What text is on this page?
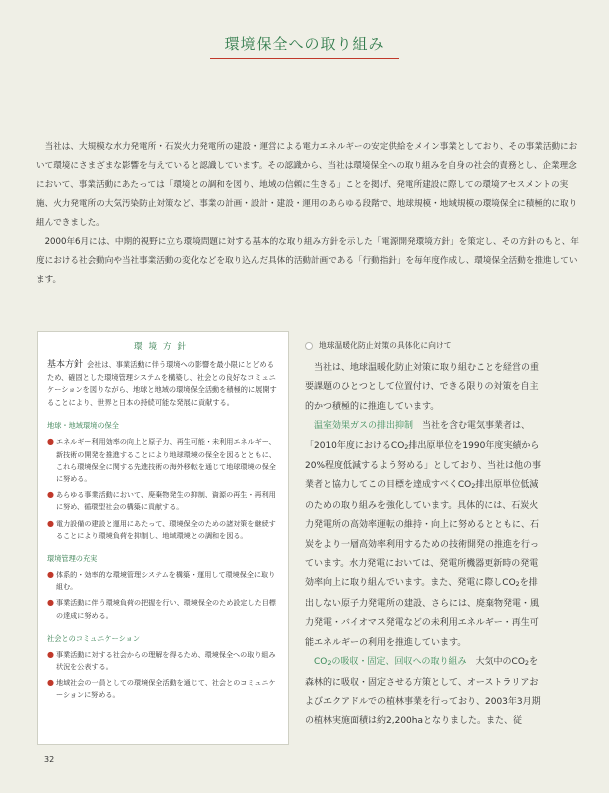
環境保全への取り組み

当社は、大規模な水力発電所・石炭火力発電所の建設・運営による電力エネルギーの安定供給をメイン事業としており、その事業活動において環境にさまざまな影響を与えていると認識しています。その認識から、当社は環境保全への取り組みを自身の社会的責務とし、企業理念において、事業活動にあたっては「環境との調和を図り、地域の信頼に生きる」ことを掲げ、発電所建設に際しての環境アセスメントの実施、火力発電所の大気汚染防止対策など、事業の計画・設計・建設・運用のあらゆる段階で、地球規模・地域規模の環境保全に積極的に取り組んできました。

2000年6月には、中期的視野に立ち環境問題に対する基本的な取り組み方針を示した「電源開発環境方針」を策定し、その方針のもと、年度における社会動向や当社事業活動の変化などを取り込んだ具体的活動計画である「行動指針」を毎年度作成し、環境保全活動を推進しています。

環境方針
基本方針 会社は、事業活動に伴う環境への影響を最小限にとどめるため、確固とした環境管理システムを構築し、社会との良好なコミュニケーションを図りながら、地球と地域の環境保全活動を積極的に展開することにより、世界と日本の持続可能な発展に貢献する。
地球・地域環境の保全
● エネルギー利用効率の向上と原子力、再生可能・未利用エネルギー、新技術の開発を推進することにより地球環境の保全を図るとともに、これら環境保全に関する先進技術の海外移転を通じて地球環境の保全に努める。
● あらゆる事業活動において、廃棄物発生の抑制、資源の再生・再利用に努め、循環型社会の構築に貢献する。
● 電力設備の建設と運用にあたって、環境保全のための諸対策を継続することにより環境負荷を抑制し、地域環境との調和を図る。
環境管理の充実
● 体系的・効率的な環境管理システムを構築・運用して環境保全に取り組む。
● 事業活動に伴う環境負荷の把握を行い、環境保全のため設定した目標の達成に努める。
社会とのコミュニケーション
● 事業活動に対する社会からの理解を得るため、環境保全への取り組み状況を公表する。
● 地域社会の一員としての環境保全活動を通じて、社会とのコミュニケーションに努める。
地球温暖化防止対策の具体化に向けて

当社は、地球温暖化防止対策に取り組むことを経営の重要課題のひとつとして位置付け、できる限りの対策を自主的かつ積極的に推進しています。

温室効果ガスの排出抑制　 当社を含む電気事業者は、「2010年度におけるCO2排出原単位を1990年度実績から20%程度低減するよう努める」としており、当社は他の事業者と協力してこの目標を達成すべくCO2排出原単位低減のための取り組みを強化しています。具体的には、石炭火力発電所の高効率運転の維持・向上に努めるとともに、石炭をより一層高効率利用するための技術開発の推進を行っています。水力発電においては、発電所機器更新時の発電効率向上に取り組んでいます。また、発電に際しCO2を排出しない原子力発電所の建設、さらには、廃棄物発電・風力発電・バイオマス発電などの未利用エネルギー・再生可能エネルギーの利用を推進しています。

CO2の吸収・固定、回収への取り組み　 大気中のCO2を森林的に吸収・固定させる方策として、オーストラリアおよびエクアドルでの植林事業を行っており、2003年3月期の植林実施面積は約2,200haとなりました。また、従

32
